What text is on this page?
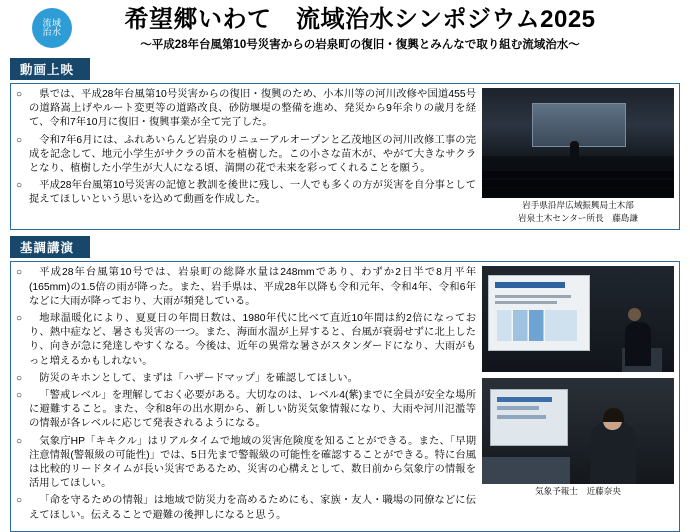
流域
治水	希望郷いわて　流域治水シンポジウム2025
～平成28年台風第10号災害からの岩泉町の復旧・復興とみんなで取り組む流域治水～
動画上映
○	県では、平成28年台風第10号災害からの復旧・復興のため、小本川等の河川改修や国道455号の道路嵩上げやルート変更等の道路改良、砂防堰堤の整備を進め、発災から9年余りの歳月を経て、令和7年10月に復旧・復興事業が全て完了した。
○	令和7年6月には、ふれあいらんど岩泉のリニューアルオープンと乙茂地区の河川改修工事の完成を記念して、地元小学生がサクラの苗木を植樹した。この小さな苗木が、やがて大きなサクラとなり、植樹した小学生が大人になる頃、満開の花で未来を彩ってくれることを願う。
○	平成28年台風第10号災害の記憶と教訓を後世に残し、一人でも多くの方が災害を自分事として捉えてほしいという思いを込めて動画を作成した。	岩手県沿岸広域振興局土木部
岩泉土木センター所長　藤島謙
基調講演
○	平成28年台風第10号では、岩泉町の総降水量は248mmであり、わずか2日半で8月平年(165mm)の1.5倍の雨が降った。また、岩手県は、平成28年以降も令和元年、令和4年、令和6年などに大雨が降っており、大雨が頻発している。
○	地球温暖化により、夏夏日の年間日数は、1980年代に比べて直近10年間は約2倍になっており、熱中症など、暑さも災害の一つ。また、海面水温が上昇すると、台風が衰弱せずに北上したり、向きが急に発達しやすくなる。今後は、近年の異常な暑さがスタンダードになり、大雨がもっと増えるかもしれない。
○	防災のキホンとして、まずは「ハザードマップ」を確認してほしい。
○	「警戒レベル」を理解しておく必要がある。大切なのは、レベル4(紫)までに全員が安全な場所に避難すること。また、令和8年の出水期から、新しい防災気象情報になり、大雨や河川氾濫等の情報が各レベルに応じて発表されるようになる。
○	気象庁HP「キキクル」はリアルタイムで地域の災害危険度を知ることができる。また、「早期注意情報(警報級の可能性)」では、5日先まで警報級の可能性を確認することができる。特に台風は比較的リードタイムが長い災害であるため、災害の心構えとして、数日前から気象庁の情報を活用してほしい。
○	「命を守るための情報」は地域で防災力を高めるためにも、家族・友人・職場の同僚などに伝えてほしい。伝えることで避難の後押しになると思う。
気象予報士　近藤奈央
